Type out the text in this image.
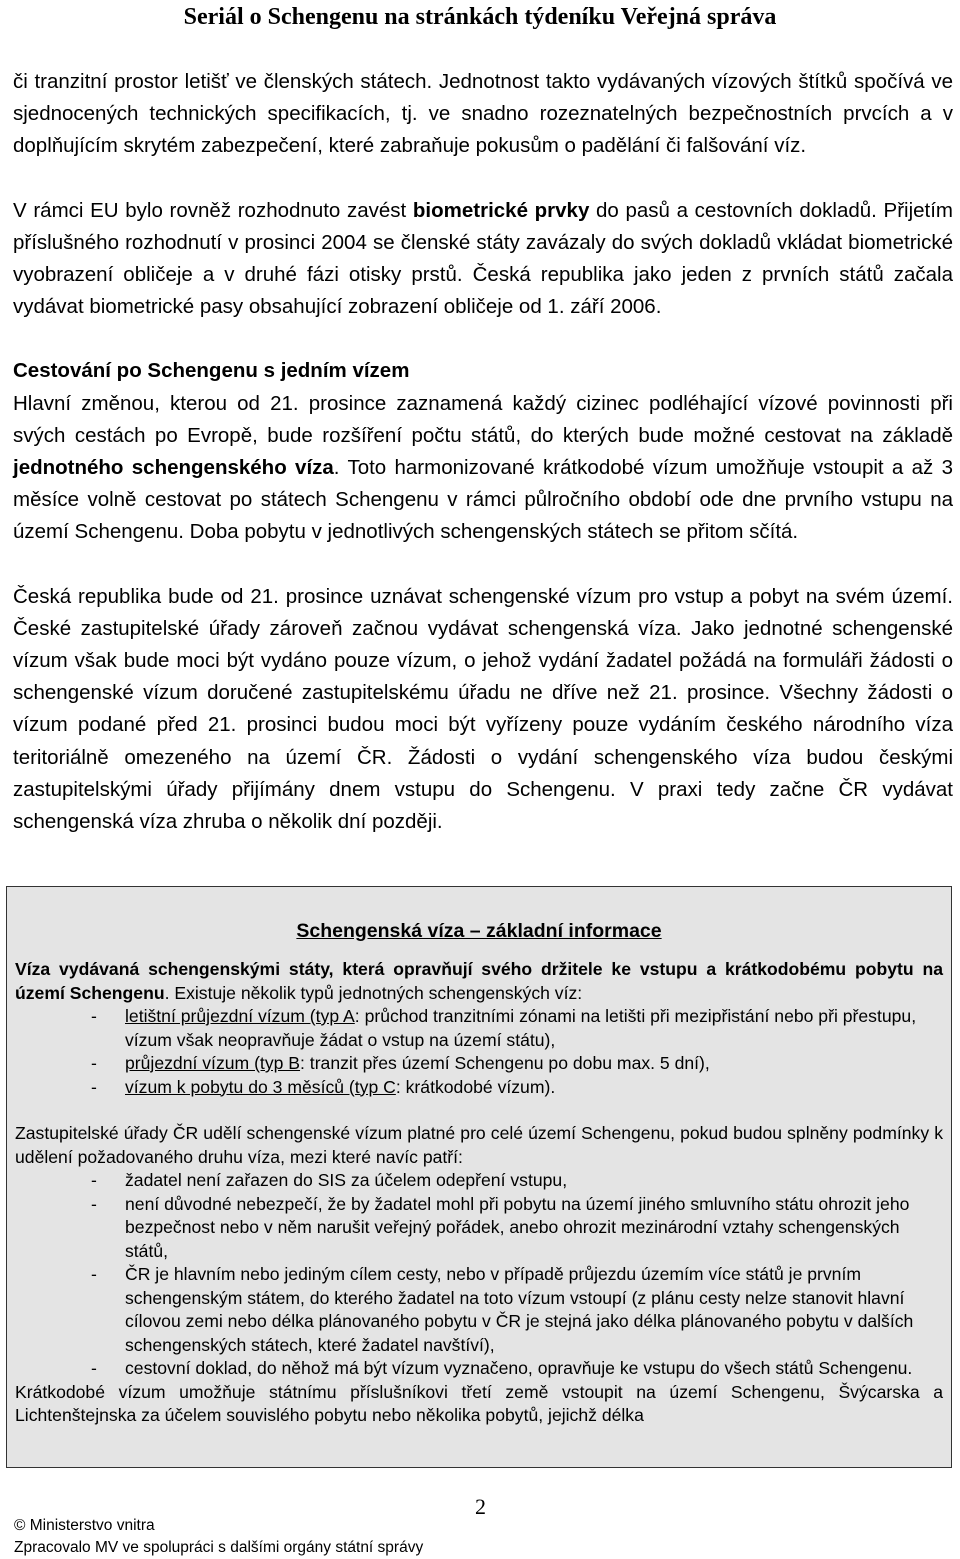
Seriál o Schengenu na stránkách týdeníku Veřejná správa

či tranzitní prostor letišť ve členských státech. Jednotnost takto vydávaných vízových štítků spočívá ve sjednocených technických specifikacích, tj. ve snadno rozeznatelných bezpečnostních prvcích a v doplňujícím skrytém zabezpečení, které zabraňuje pokusům o padělání či falšování víz.

V rámci EU bylo rovněž rozhodnuto zavést biometrické prvky do pasů a cestovních dokladů. Přijetím příslušného rozhodnutí v prosinci 2004 se členské státy zavázaly do svých dokladů vkládat biometrické vyobrazení obličeje a v druhé fázi otisky prstů. Česká republika jako jeden z prvních států začala vydávat biometrické pasy obsahující zobrazení obličeje od 1. září 2006.

Cestování po Schengenu s jedním vízem

Hlavní změnou, kterou od 21. prosince zaznamená každý cizinec podléhající vízové povinnosti při svých cestách po Evropě, bude rozšíření počtu států, do kterých bude možné cestovat na základě jednotného schengenského víza. Toto harmonizované krátkodobé vízum umožňuje vstoupit a až 3 měsíce volně cestovat po státech Schengenu v rámci půlročního období ode dne prvního vstupu na území Schengenu. Doba pobytu v jednotlivých schengenských státech se přitom sčítá.

Česká republika bude od 21. prosince uznávat schengenské vízum pro vstup a pobyt na svém území. České zastupitelské úřady zároveň začnou vydávat schengenská víza. Jako jednotné schengenské vízum však bude moci být vydáno pouze vízum, o jehož vydání žadatel požádá na formuláři žádosti o schengenské vízum doručené zastupitelskému úřadu ne dříve než 21. prosince. Všechny žádosti o vízum podané před 21. prosinci budou moci být vyřízeny pouze vydáním českého národního víza teritoriálně omezeného na území ČR. Žádosti o vydání schengenského víza budou českými zastupitelskými úřady přijímány dnem vstupu do Schengenu. V praxi tedy začne ČR vydávat schengenská víza zhruba o několik dní později.

Schengenská víza – základní informace

Víza vydávaná schengenskými státy, která opravňují svého držitele ke vstupu a krátkodobému pobytu na území Schengenu. Existuje několik typů jednotných schengenských víz:

- letištní průjezdní vízum (typ A: průchod tranzitními zónami na letišti při mezipřistání nebo při přestupu, vízum však neopravňuje žádat o vstup na území státu),
- průjezdní vízum (typ B: tranzit přes území Schengenu po dobu max. 5 dní),
- vízum k pobytu do 3 měsíců (typ C: krátkodobé vízum).

Zastupitelské úřady ČR udělí schengenské vízum platné pro celé území Schengenu, pokud budou splněny podmínky k udělení požadovaného druhu víza, mezi které navíc patří:

- žadatel není zařazen do SIS za účelem odepření vstupu,
- není důvodné nebezpečí, že by žadatel mohl při pobytu na území jiného smluvního státu ohrozit jeho bezpečnost nebo v něm narušit veřejný pořádek, anebo ohrozit mezinárodní vztahy schengenských států,
- ČR je hlavním nebo jediným cílem cesty, nebo v případě průjezdu územím více států je prvním schengenským státem, do kterého žadatel na toto vízum vstoupí (z plánu cesty nelze stanovit hlavní cílovou zemi nebo délka plánovaného pobytu v ČR je stejná jako délka plánovaného pobytu v dalších schengenských státech, které žadatel navštíví),
- cestovní doklad, do něhož má být vízum vyznačeno, opravňuje ke vstupu do všech států Schengenu.

Krátkodobé vízum umožňuje státnímu příslušníkovi třetí země vstoupit na území Schengenu, Švýcarska a Lichtenštejnska za účelem souvislého pobytu nebo několika pobytů, jejichž délka

2
© Ministerstvo vnitra
Zpracovalo MV ve spolupráci s dalšími orgány státní správy
